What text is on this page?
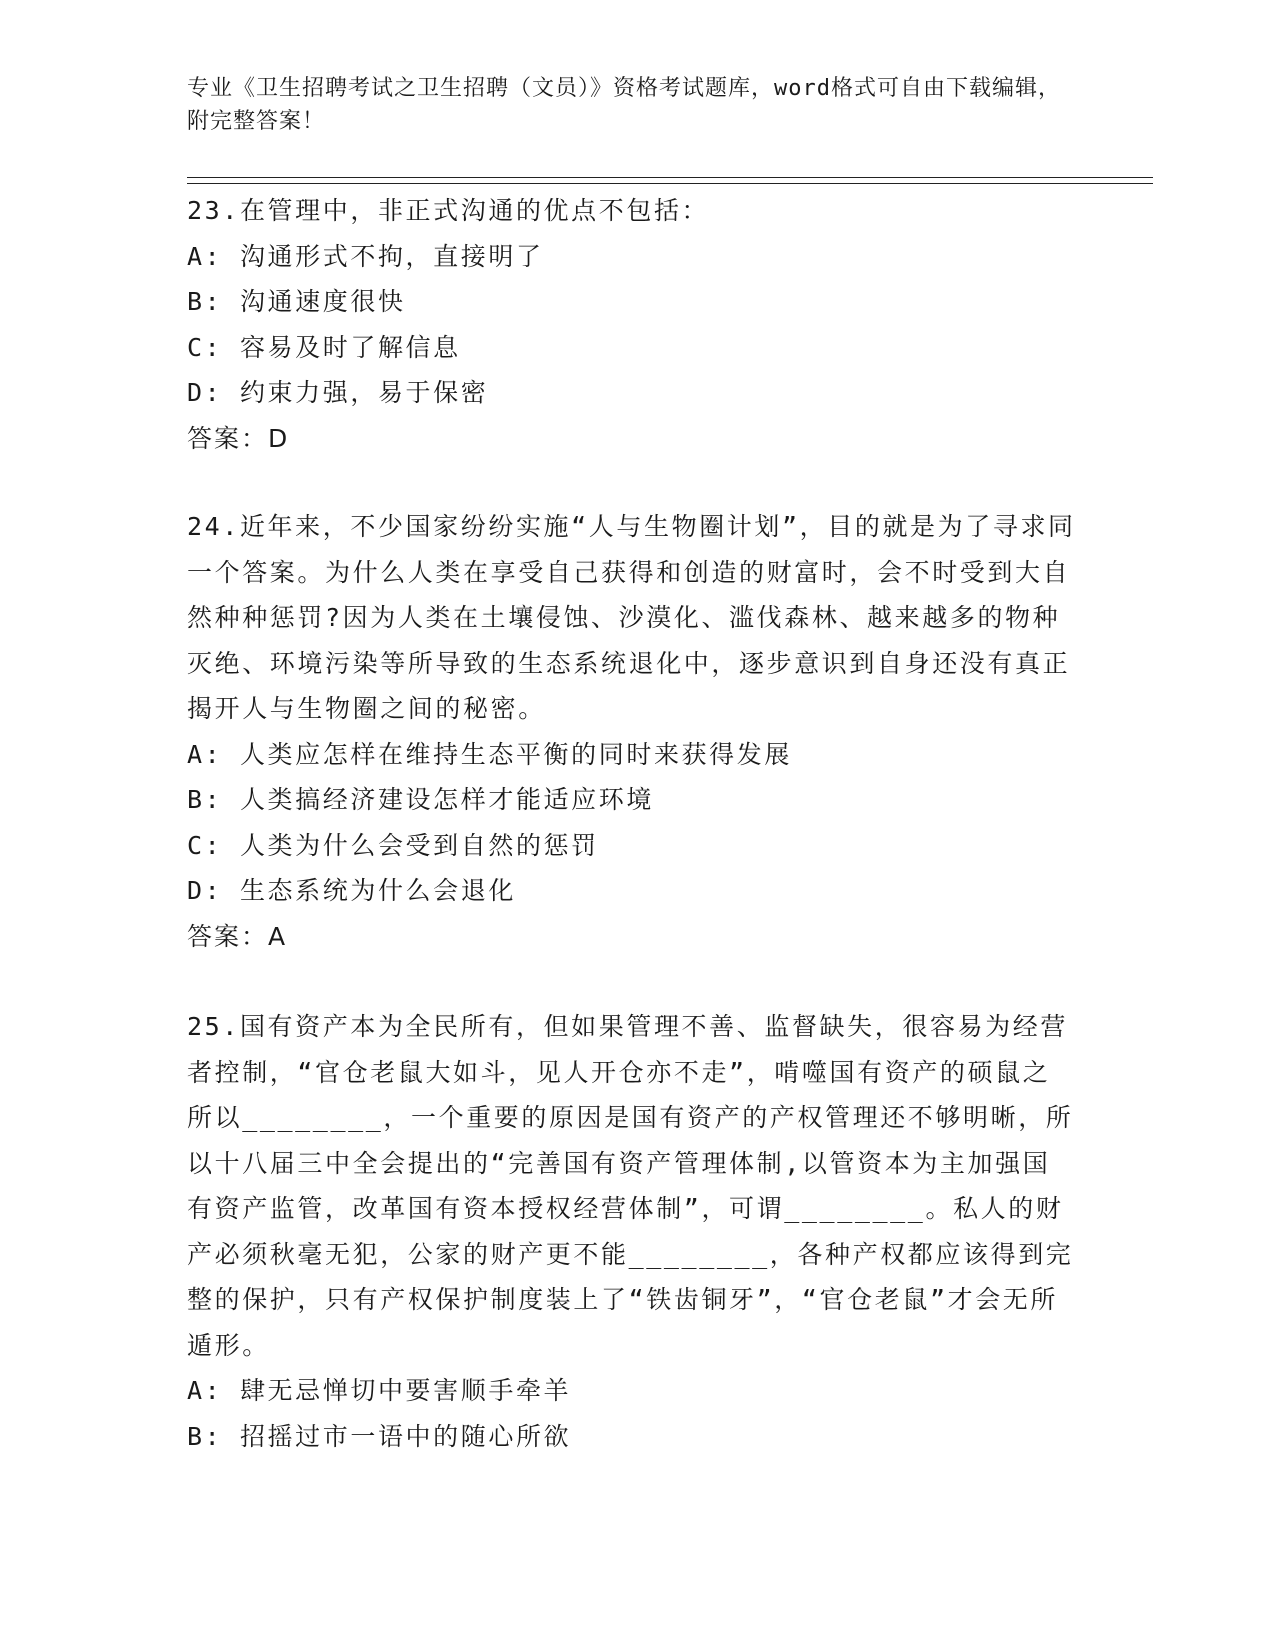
专业《卫生招聘考试之卫生招聘（文员）》资格考试题库，word格式可自由下载编辑，附完整答案！
23.在管理中，非正式沟通的优点不包括：
A: 沟通形式不拘，直接明了
B: 沟通速度很快
C: 容易及时了解信息
D: 约束力强，易于保密
答案：D
24.近年来，不少国家纷纷实施“人与生物圈计划”，目的就是为了寻求同一个答案。为什么人类在享受自己获得和创造的财富时，会不时受到大自然种种惩罚?因为人类在土壤侵蚀、沙漠化、滥伐森林、越来越多的物种灭绝、环境污染等所导致的生态系统退化中，逐步意识到自身还没有真正揭开人与生物圈之间的秘密。
A: 人类应怎样在维持生态平衡的同时来获得发展
B: 人类搞经济建设怎样才能适应环境
C: 人类为什么会受到自然的惩罚
D: 生态系统为什么会退化
答案：A
25.国有资产本为全民所有，但如果管理不善、监督缺失，很容易为经营者控制，“官仓老鼠大如斗，见人开仓亦不走”，啃噬国有资产的硕鼠之所以________，一个重要的原因是国有资产的产权管理还不够明晰，所以十八届三中全会提出的“完善国有资产管理体制,以管资本为主加强国有资产监管，改革国有资本授权经营体制”，可谓________。私人的财产必须秋毫无犯，公家的财产更不能________，各种产权都应该得到完整的保护，只有产权保护制度装上了“铁齿铜牙”，“官仓老鼠”才会无所遁形。
A: 肆无忌惮切中要害顺手牵羊
B: 招摇过市一语中的随心所欲
